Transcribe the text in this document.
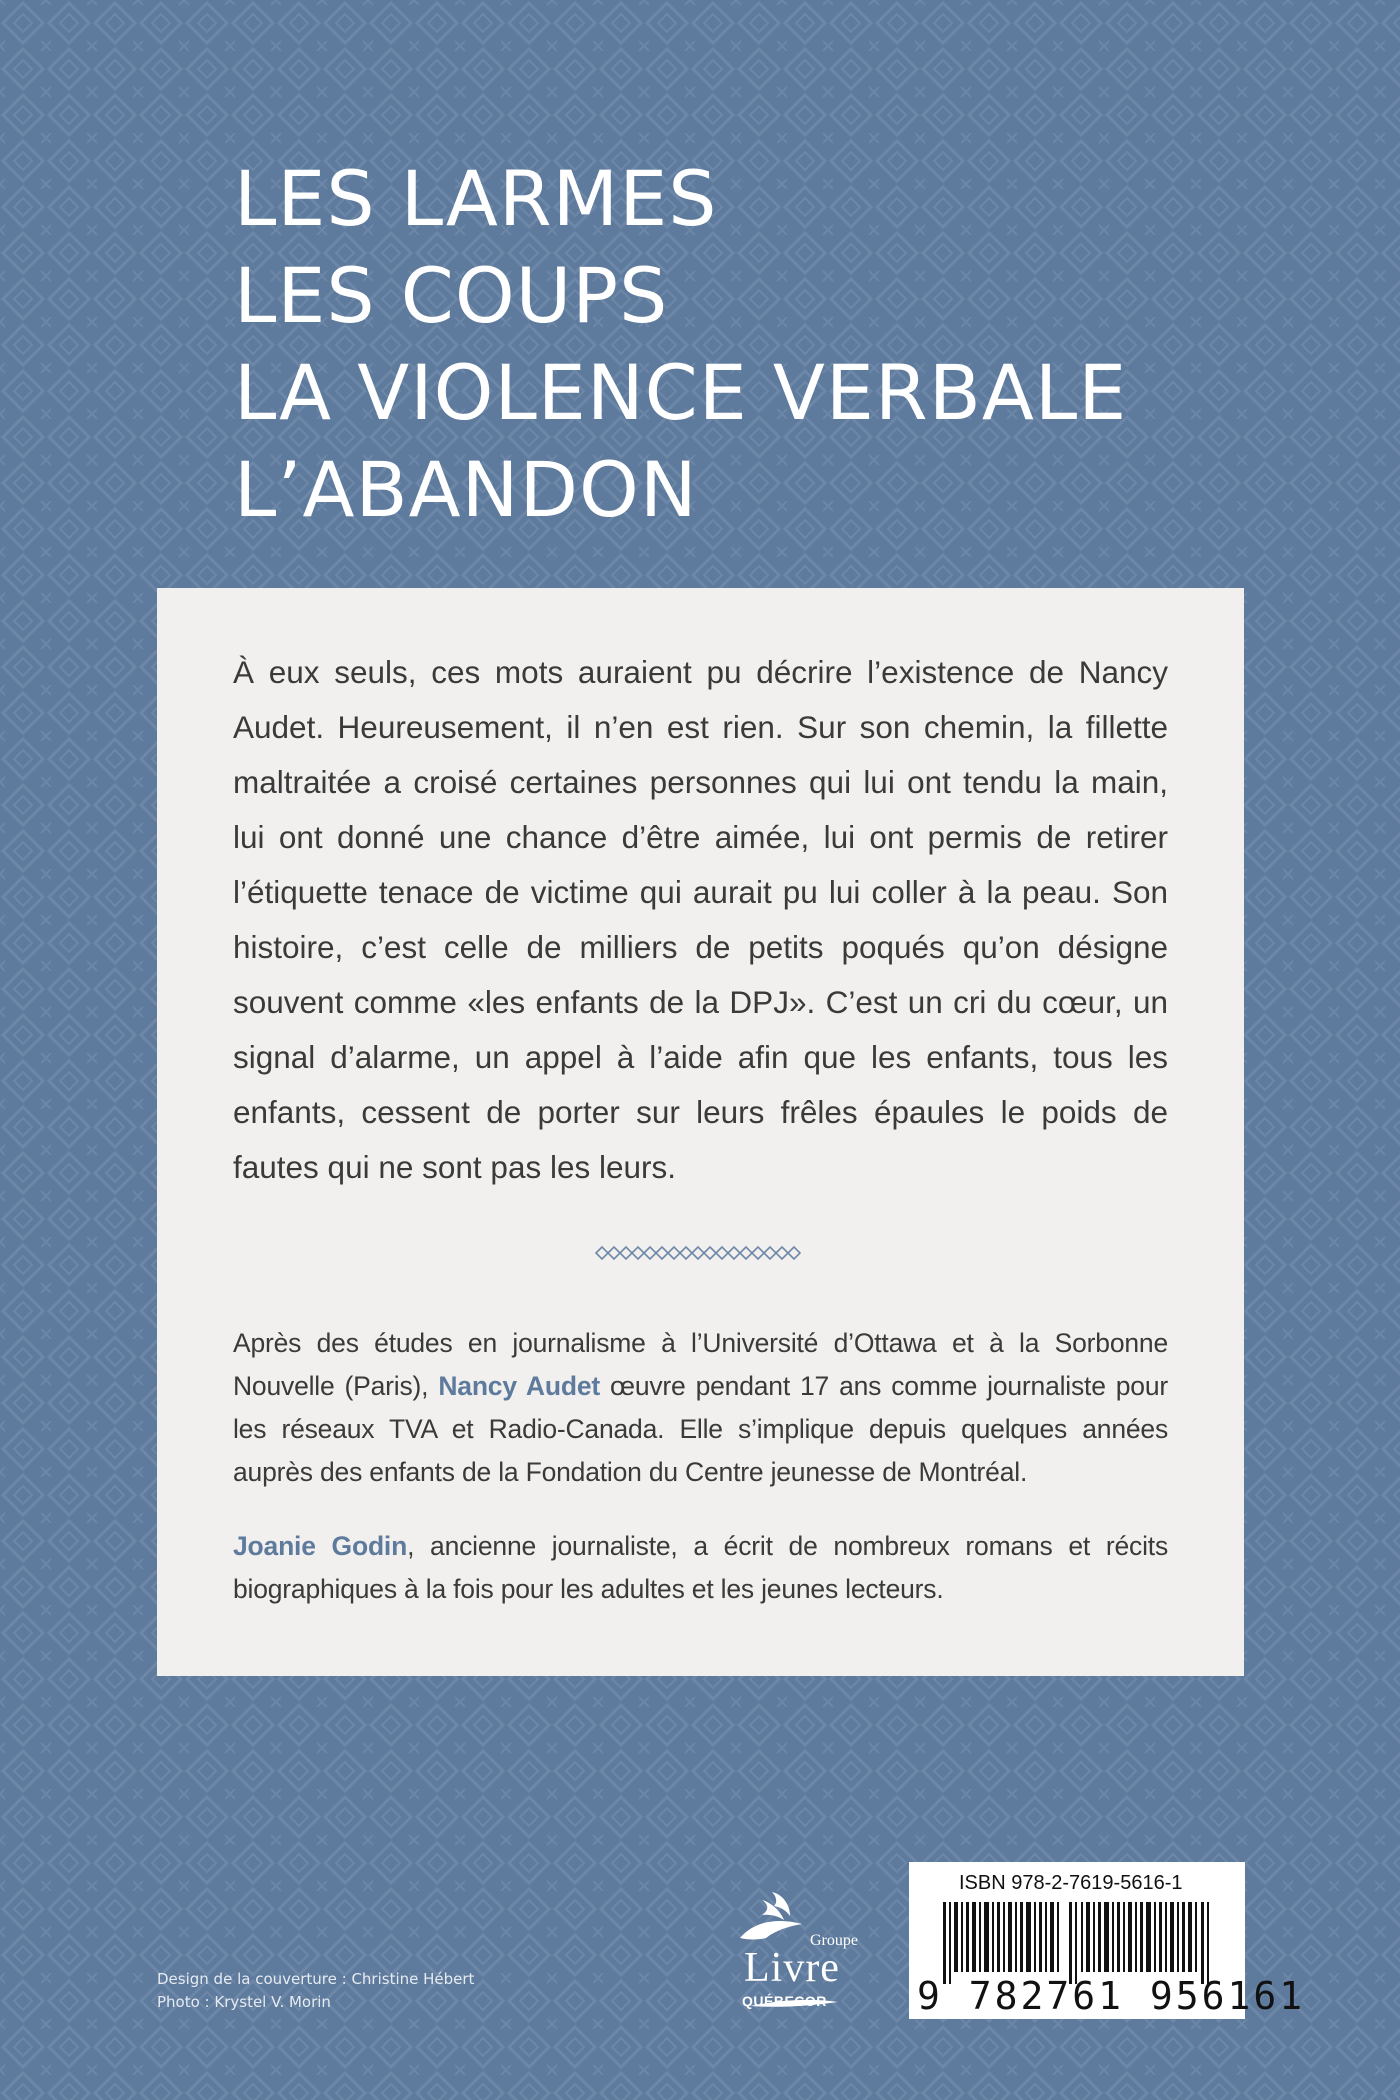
LES LARMES
LES COUPS
LA VIOLENCE VERBALE
L’ABANDON

À eux seuls, ces mots auraient pu décrire l’existence de Nancy Audet. Heureusement, il n’en est rien. Sur son chemin, la fillette maltraitée a croisé certaines personnes qui lui ont tendu la main, lui ont donné une chance d’être aimée, lui ont permis de retirer l’étiquette tenace de victime qui aurait pu lui coller à la peau. Son histoire, c’est celle de milliers de petits poqués qu’on désigne souvent comme «les enfants de la DPJ». C’est un cri du cœur, un signal d’alarme, un appel à l’aide afin que les enfants, tous les enfants, cessent de porter sur leurs frêles épaules le poids de fautes qui ne sont pas les leurs.

Après des études en journalisme à l’Université d’Ottawa et à la Sorbonne Nouvelle (Paris), Nancy Audet œuvre pendant 17 ans comme journaliste pour les réseaux TVA et Radio-Canada. Elle s’implique depuis quelques années auprès des enfants de la Fondation du Centre jeunesse de Montréal.

Joanie Godin, ancienne journaliste, a écrit de nombreux romans et récits biographiques à la fois pour les adultes et les jeunes lecteurs.

Design de la couverture : Christine Hébert
Photo : Krystel V. Morin
Groupe
Livre
QUÉBECOR
ISBN 978-2-7619-5616-1
9 782761 956161
